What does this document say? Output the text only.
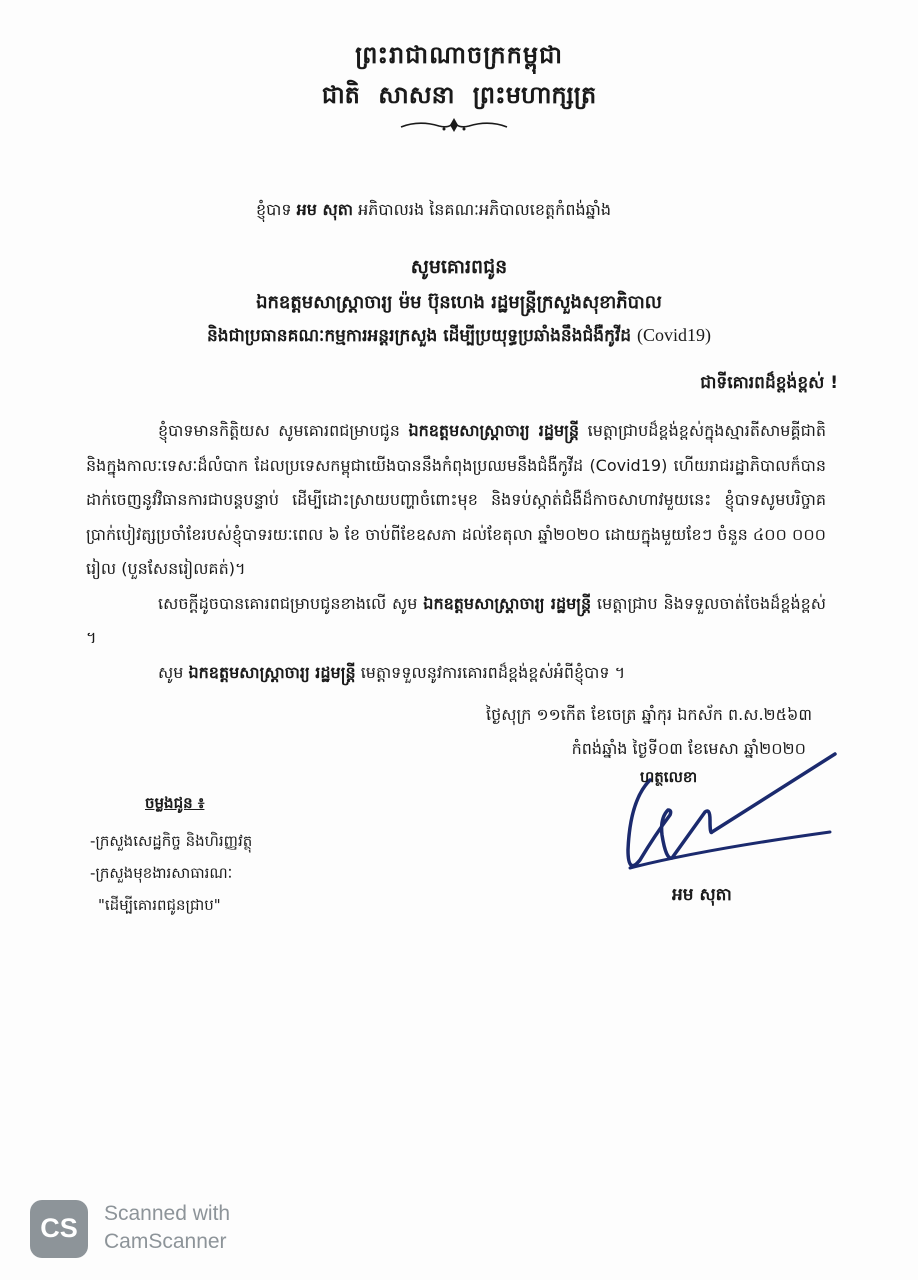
ព្រះរាជាណាចក្រកម្ពុជា
ជាតិ សាសនា ព្រះមហាក្សត្រ
ខ្ញុំបាទ អម សុតា អភិបាលរង នៃគណៈអភិបាលខេត្តកំពង់ឆ្នាំង
សូមគោរពជូន
ឯកឧត្តមសាស្ត្រាចារ្យ ម៉ម ប៊ុនហេង រដ្ឋមន្ត្រីក្រសួងសុខាភិបាល
និងជាប្រធានគណៈកម្មការអន្តរក្រសួង ដើម្បីប្រយុទ្ធប្រឆាំងនឹងជំងឺកូវីដ (Covid19)
ជាទីគោរពដ៏ខ្ពង់ខ្ពស់ !

ខ្ញុំបាទមានកិត្តិយស សូមគោរពជម្រាបជូន ឯកឧត្តមសាស្ត្រាចារ្យ រដ្ឋមន្ត្រី មេត្តាជ្រាបដ៏ខ្ពង់ខ្ពស់ក្នុងស្មារតីសាមគ្គីជាតិ និងក្នុងកាលៈទេសៈដ៏លំបាក ដែលប្រទេសកម្ពុជាយើងបាននឹងកំពុងប្រឈមនឹងជំងឺកូវីដ (Covid19) ហើយរាជរដ្ឋាភិបាលក៏បានដាក់ចេញនូវវិធានការជាបន្តបន្ទាប់ ដើម្បីដោះស្រាយបញ្ហាចំពោះមុខ និងទប់ស្កាត់ជំងឺដ៏កាចសាហាវមួយនេះ ខ្ញុំបាទសូមបរិច្ចាគប្រាក់បៀវត្សប្រចាំខែរបស់ខ្ញុំបាទរយៈពេល ៦ ខែ ចាប់ពីខែឧសភា ដល់ខែតុលា ឆ្នាំ២០២០ ដោយក្នុងមួយខែៗ ចំនួន ៤០០ ០០០ រៀល (បួនសែនរៀលគត់)។

សេចក្តីដូចបានគោរពជម្រាបជូនខាងលើ សូម ឯកឧត្តមសាស្ត្រាចារ្យ រដ្ឋមន្ត្រី មេត្តាជ្រាប និងទទួលចាត់ចែងដ៏ខ្ពង់ខ្ពស់ ។

សូម ឯកឧត្តមសាស្ត្រាចារ្យ រដ្ឋមន្ត្រី មេត្តាទទួលនូវការគោរពដ៏ខ្ពង់ខ្ពស់អំពីខ្ញុំបាទ ។

ថ្ងៃសុក្រ ១១កើត ខែចេត្រ ឆ្នាំកុរ ឯកស័ក ព.ស.២៥៦៣
កំពង់ឆ្នាំង ថ្ងៃទី០៣ ខែមេសា ឆ្នាំ២០២០
ហត្ថលេខា
អម សុតា
ចម្លងជូន ៖
-ក្រសួងសេដ្ឋកិច្ច និងហិរញ្ញវត្ថុ
-ក្រសួងមុខងារសាធារណៈ
"ដើម្បីគោរពជូនជ្រាប"
CS	Scanned with
CamScanner
